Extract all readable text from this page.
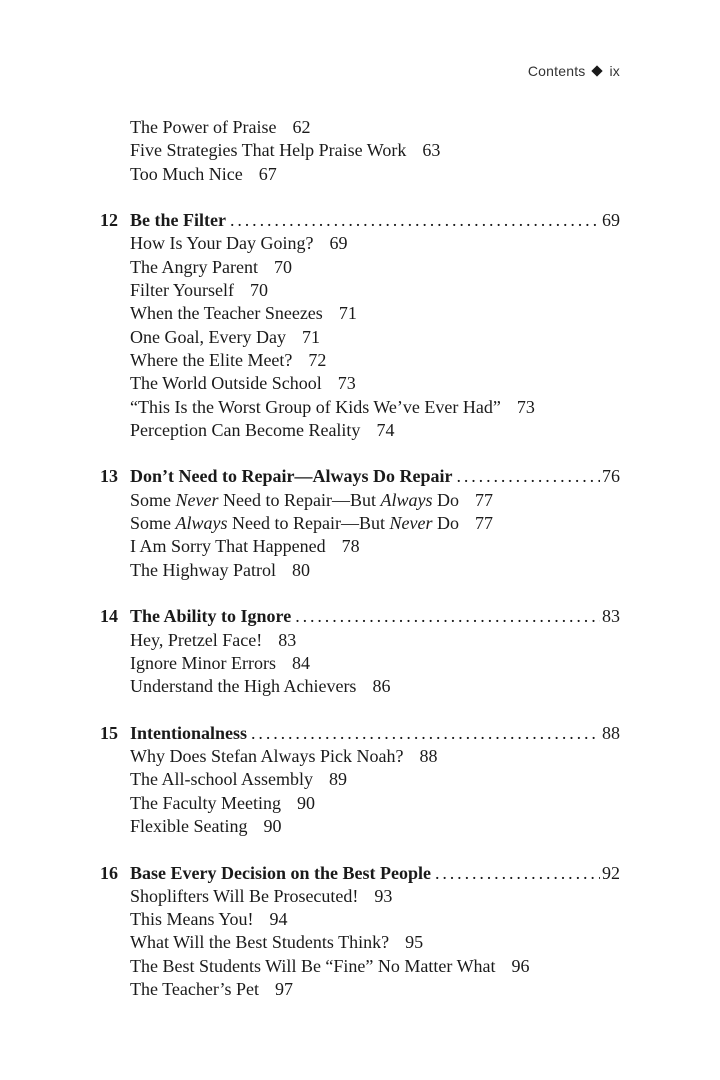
Contents ix
The Power of Praise 62
Five Strategies That Help Praise Work 63
Too Much Nice 67
12 Be the Filter . . .	69
How Is Your Day Going? 69
The Angry Parent 70
Filter Yourself 70
When the Teacher Sneezes 71
One Goal, Every Day 71
Where the Elite Meet? 72
The World Outside School 73
“This Is the Worst Group of Kids We’ve Ever Had” 73
Perception Can Become Reality 74
13 Don’t Need to Repair—Always Do Repair . . .	76
Some Never Need to Repair—But Always Do 77
Some Always Need to Repair—But Never Do 77
I Am Sorry That Happened 78
The Highway Patrol 80
14 The Ability to Ignore . . .	83
Hey, Pretzel Face! 83
Ignore Minor Errors 84
Understand the High Achievers 86
15 Intentionalness . . .	88
Why Does Stefan Always Pick Noah? 88
The All-school Assembly 89
The Faculty Meeting 90
Flexible Seating 90
16 Base Every Decision on the Best People . . .	92
Shoplifters Will Be Prosecuted! 93
This Means You! 94
What Will the Best Students Think? 95
The Best Students Will Be “Fine” No Matter What 96
The Teacher’s Pet 97
